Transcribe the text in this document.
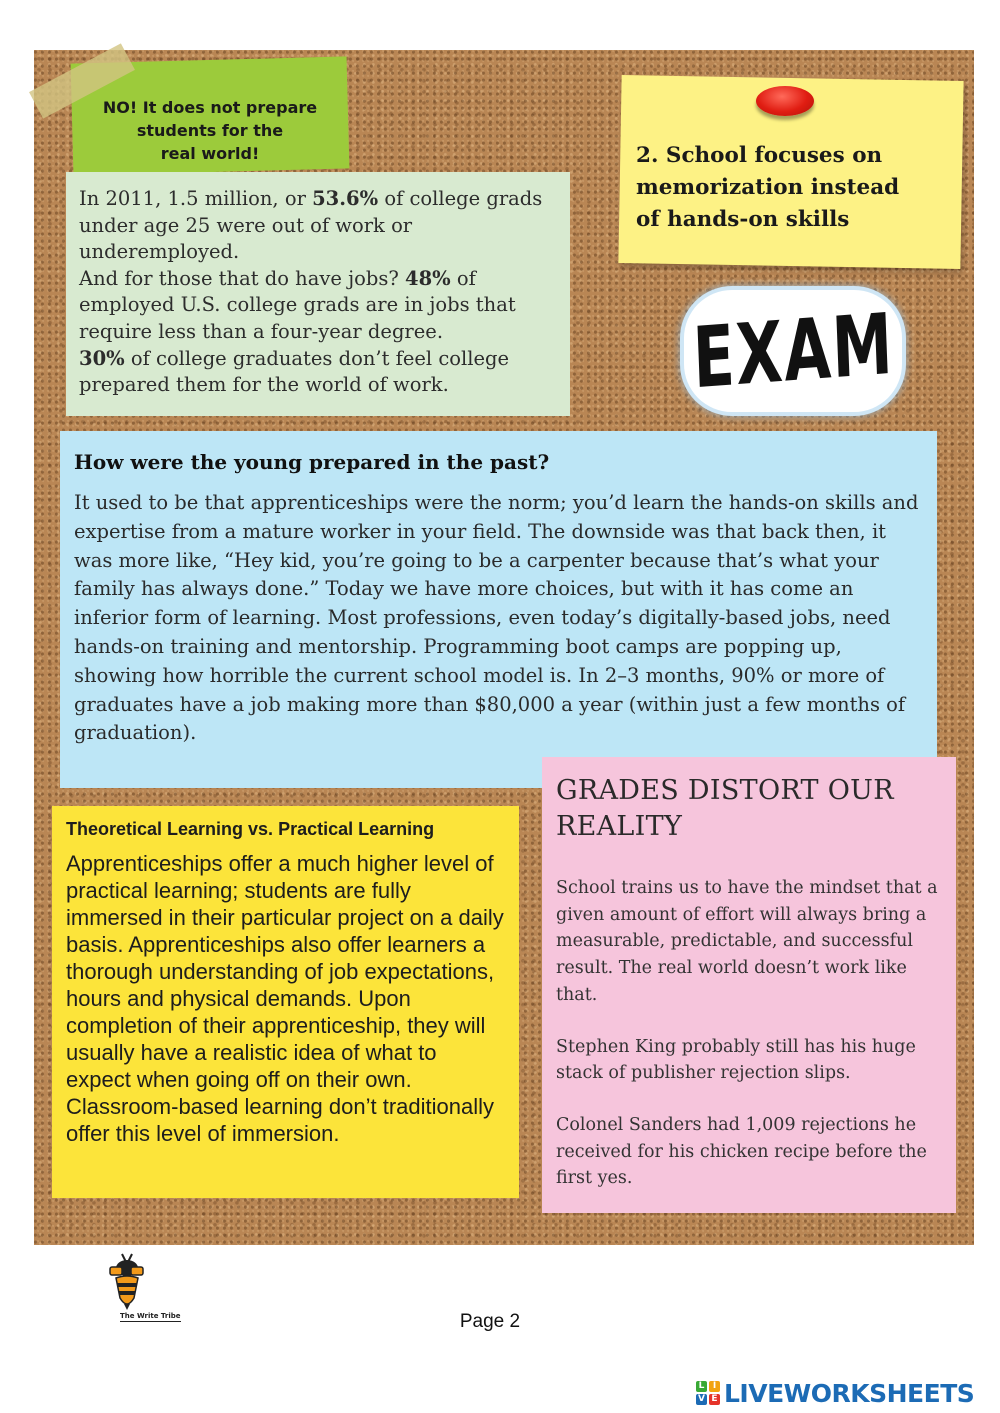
NO! It does not prepare
students for the
real world!

In 2011, 1.5 million, or 53.6% of college grads under age 25 were out of work or underemployed.

And for those that do have jobs? 48% of employed U.S. college grads are in jobs that require less than a four-year degree.

30% of college graduates don’t feel college prepared them for the world of work.

2. School focuses on
memorization instead
of hands-on skills

EXAM
How were the young prepared in the past?

It used to be that apprenticeships were the norm; you’d learn the hands-on skills and expertise from a mature worker in your field. The downside was that back then, it was more like, “Hey kid, you’re going to be a carpenter because that’s what your family has always done.” Today we have more choices, but with it has come an inferior form of learning. Most professions, even today’s digitally-based jobs, need hands-on training and mentorship. Programming boot camps are popping up, showing how horrible the current school model is. In 2–3 months, 90% or more of graduates have a job making more than $80,000 a year (within just a few months of graduation).

Theoretical Learning vs. Practical Learning

Apprenticeships offer a much higher level of practical learning; students are fully immersed in their particular project on a daily basis. Apprenticeships also offer learners a thorough understanding of job expectations, hours and physical demands. Upon completion of their apprenticeship, they will usually have a realistic idea of what to expect when going off on their own. Classroom-based learning don’t traditionally offer this level of immersion.

GRADES DISTORT OUR REALITY

School trains us to have the mindset that a given amount of effort will always bring a measurable, predictable, and successful result. The real world doesn’t work like that.

Stephen King probably still has his huge stack of publisher rejection slips.

Colonel Sanders had 1,009 rejections he received for his chicken recipe before the first yes.

The Write Tribe	Page 2

L I
V E LIVEWORKSHEETS
